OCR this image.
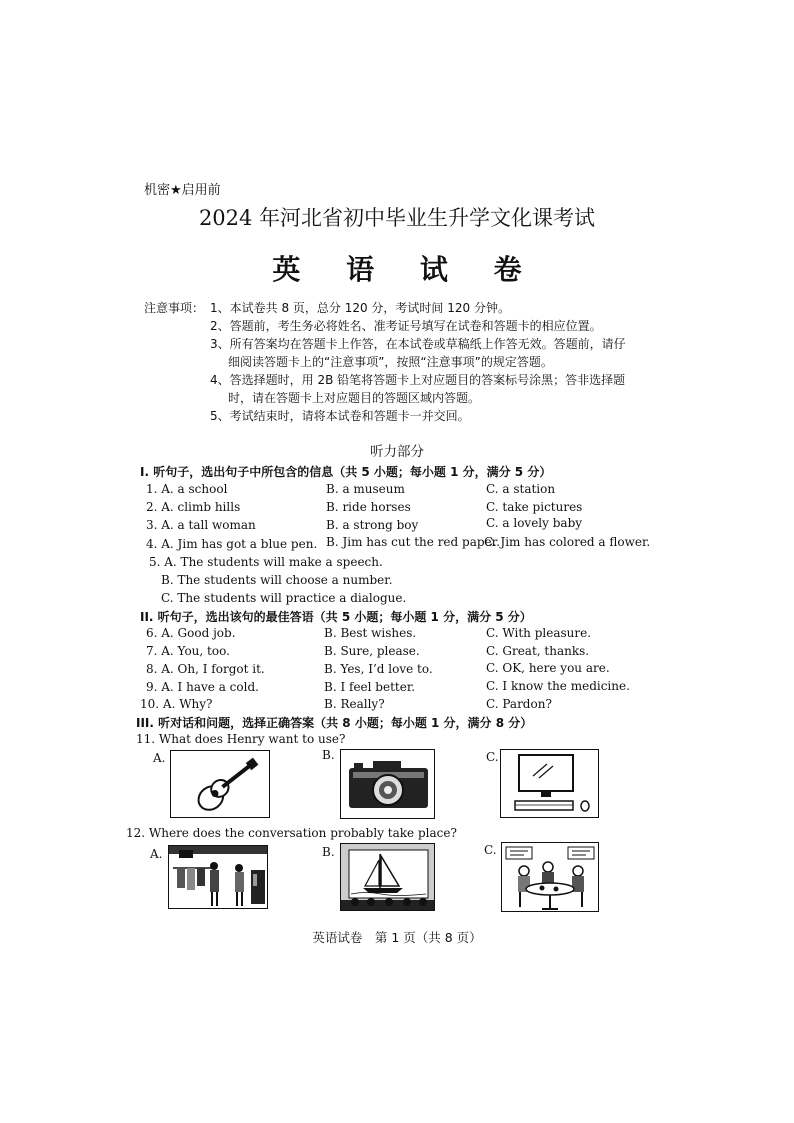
机密★启用前
2024 年河北省初中毕业生升学文化课考试
英 语 试 卷
注意事项： 1、本试卷共 8 页，总分 120 分，考试时间 120 分钟。
2、答题前，考生务必将姓名、准考证号填写在试卷和答题卡的相应位置。
3、所有答案均在答题卡上作答，在本试卷或草稿纸上作答无效。答题前，请仔
细阅读答题卡上的“注意事项”，按照“注意事项”的规定答题。
4、答选择题时，用 2B 铅笔将答题卡上对应题目的答案标号涂黑；答非选择题
时，请在答题卡上对应题目的答题区域内答题。
5、考试结束时，请将本试卷和答题卡一并交回。
听力部分
I. 听句子，选出句子中所包含的信息（共 5 小题；每小题 1 分，满分 5 分）
1. A. a school	B. a museum	C. a station
2. A. climb hills	B. ride horses	C. take pictures
3. A. a tall woman	B. a strong boy	C. a lovely baby
4. A. Jim has got a blue pen. B. Jim has cut the red paper.
C. Jim has colored a flower.
5. A. The students will make a speech.
B. The students will choose a number.
C. The students will practice a dialogue.
II. 听句子，选出该句的最佳答语（共 5 小题；每小题 1 分，满分 5 分）
6. A. Good job.	B. Best wishes.	C. With pleasure.
7. A. You, too.	B. Sure, please.	C. Great, thanks.
8. A. Oh, I forgot it.	B. Yes, I’d love to.	C. OK, here you are.
9. A. I have a cold.	B. I feel better.	C. I know the medicine.
10. A. Why?	B. Really?	C. Pardon?
III. 听对话和问题，选择正确答案（共 8 小题；每小题 1 分，满分 8 分）
11. What does Henry want to use?
A.	B.	C.
12. Where does the conversation probably take place?
A.	B.	C.
英语试卷　第 1 页（共 8 页）
